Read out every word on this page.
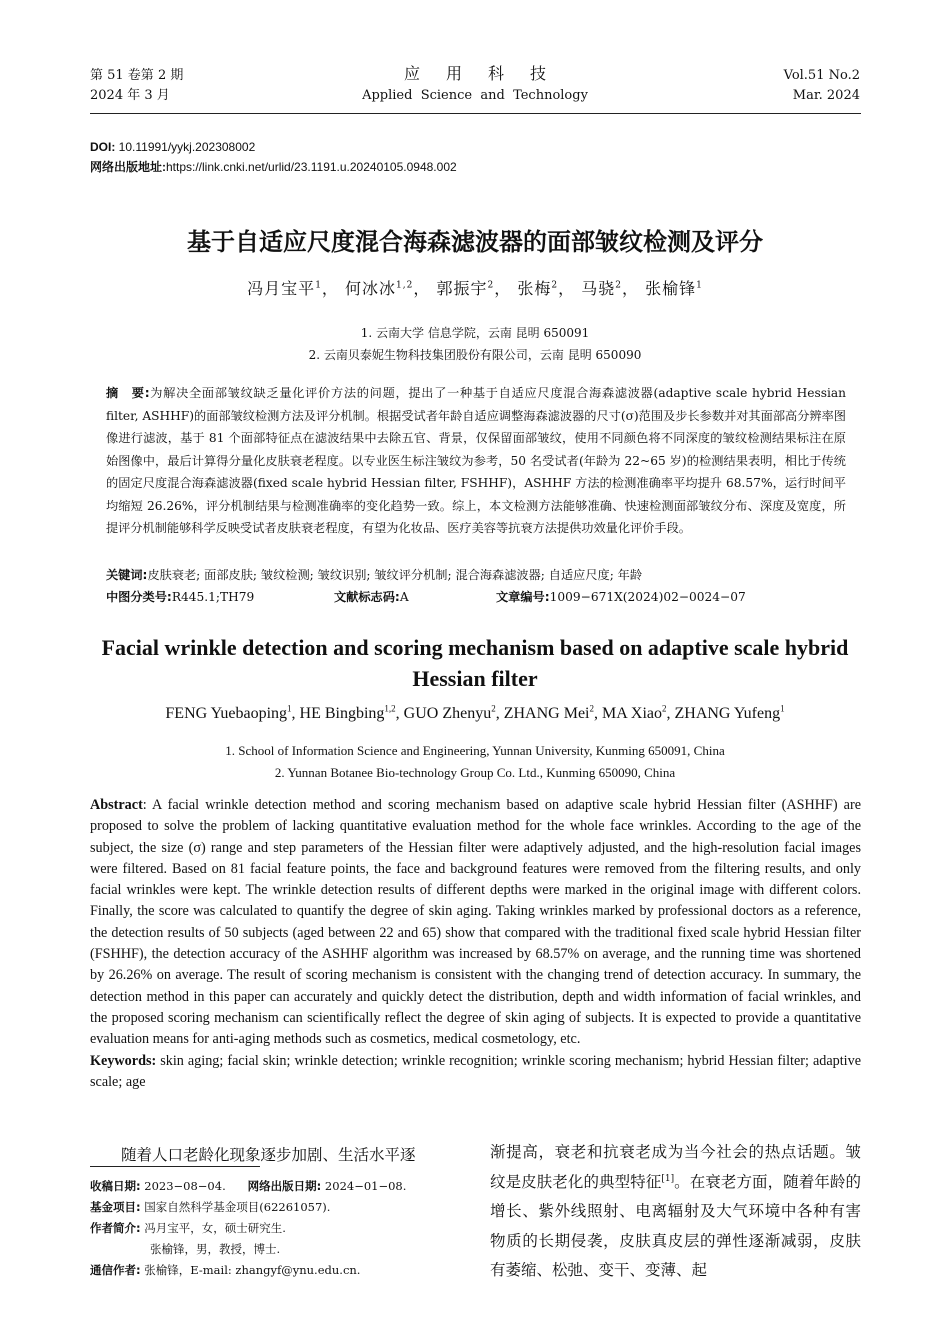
第 51 卷第 2 期
2024 年 3 月
应用科技
Applied  Science  and  Technology
Vol.51 No.2
Mar. 2024
DOI: 10.11991/yykj.202308002
网络出版地址:https://link.cnki.net/urlid/23.1191.u.20240105.0948.002
基于自适应尺度混合海森滤波器的面部皱纹检测及评分
冯月宝平$^1$， 何冰冰$^{1,2}$， 郭振宇$^2$， 张梅$^2$， 马骁$^2$， 张榆锋$^1$
1. 云南大学 信息学院，云南 昆明 650091
2. 云南贝泰妮生物科技集团股份有限公司，云南 昆明 650090
摘　要:为解决全面部皱纹缺乏量化评价方法的问题，提出了一种基于自适应尺度混合海森滤波器(adaptive scale hybrid Hessian filter, ASHHF)的面部皱纹检测方法及评分机制。根据受试者年龄自适应调整海森滤波器的尺寸(σ)范围及步长参数并对其面部高分辨率图像进行滤波，基于 81 个面部特征点在滤波结果中去除五官、背景，仅保留面部皱纹，使用不同颜色将不同深度的皱纹检测结果标注在原始图像中，最后计算得分量化皮肤衰老程度。以专业医生标注皱纹为参考，50 名受试者(年龄为 22~65 岁)的检测结果表明，相比于传统的固定尺度混合海森滤波器(fixed scale hybrid Hessian filter, FSHHF)，ASHHF 方法的检测准确率平均提升 68.57%，运行时间平均缩短 26.26%，评分机制结果与检测准确率的变化趋势一致。综上，本文检测方法能够准确、快速检测面部皱纹分布、深度及宽度，所提评分机制能够科学反映受试者皮肤衰老程度，有望为化妆品、医疗美容等抗衰方法提供功效量化评价手段。
关键词:皮肤衰老; 面部皮肤; 皱纹检测; 皱纹识别; 皱纹评分机制; 混合海森滤波器; 自适应尺度; 年龄
中图分类号:R445.1;TH79	文献标志码:A	文章编号:1009−671X(2024)02−0024−07
Facial wrinkle detection and scoring mechanism based on adaptive scale hybrid Hessian filter
FENG Yuebaoping$^1$, HE Bingbing$^{1,2}$, GUO Zhenyu$^2$, ZHANG Mei$^2$, MA Xiao$^2$, ZHANG Yufeng$^1$
1. School of Information Science and Engineering, Yunnan University, Kunming 650091, China
2. Yunnan Botanee Bio-technology Group Co. Ltd., Kunming 650090, China
Abstract: A facial wrinkle detection method and scoring mechanism based on adaptive scale hybrid Hessian filter (ASHHF) are proposed to solve the problem of lacking quantitative evaluation method for the whole face wrinkles. According to the age of the subject, the size (σ) range and step parameters of the Hessian filter were adaptively adjusted, and the high-resolution facial images were filtered. Based on 81 facial feature points, the face and background features were removed from the filtering results, and only facial wrinkles were kept. The wrinkle detection results of different depths were marked in the original image with different colors. Finally, the score was calculated to quantify the degree of skin aging. Taking wrinkles marked by professional doctors as a reference, the detection results of 50 subjects (aged between 22 and 65) show that compared with the traditional fixed scale hybrid Hessian filter (FSHHF), the detection accuracy of the ASHHF algorithm was increased by 68.57% on average, and the running time was shortened by 26.26% on average. The result of scoring mechanism is consistent with the changing trend of detection accuracy. In summary, the detection method in this paper can accurately and quickly detect the distribution, depth and width information of facial wrinkles, and the proposed scoring mechanism can scientifically reflect the degree of skin aging of subjects. It is expected to provide a quantitative evaluation means for anti-aging methods such as cosmetics, medical cosmetology, etc.
Keywords: skin aging; facial skin; wrinkle detection; wrinkle recognition; wrinkle scoring mechanism; hybrid Hessian filter; adaptive scale; age
随着人口老龄化现象逐步加剧、生活水平逐
收稿日期: 2023−08−04. 网络出版日期: 2024−01−08.
基金项目: 国家自然科学基金项目(62261057).
作者简介: 冯月宝平，女，硕士研究生.
张榆锋，男，教授，博士.
通信作者: 张榆锋，E-mail: zhangyf@ynu.edu.cn.
渐提高，衰老和抗衰老成为当今社会的热点话题。皱纹是皮肤老化的典型特征[1]。在衰老方面，随着年龄的增长、紫外线照射、电离辐射及大气环境中各种有害物质的长期侵袭，皮肤真皮层的弹性逐渐减弱，皮肤有萎缩、松弛、变干、变薄、起
